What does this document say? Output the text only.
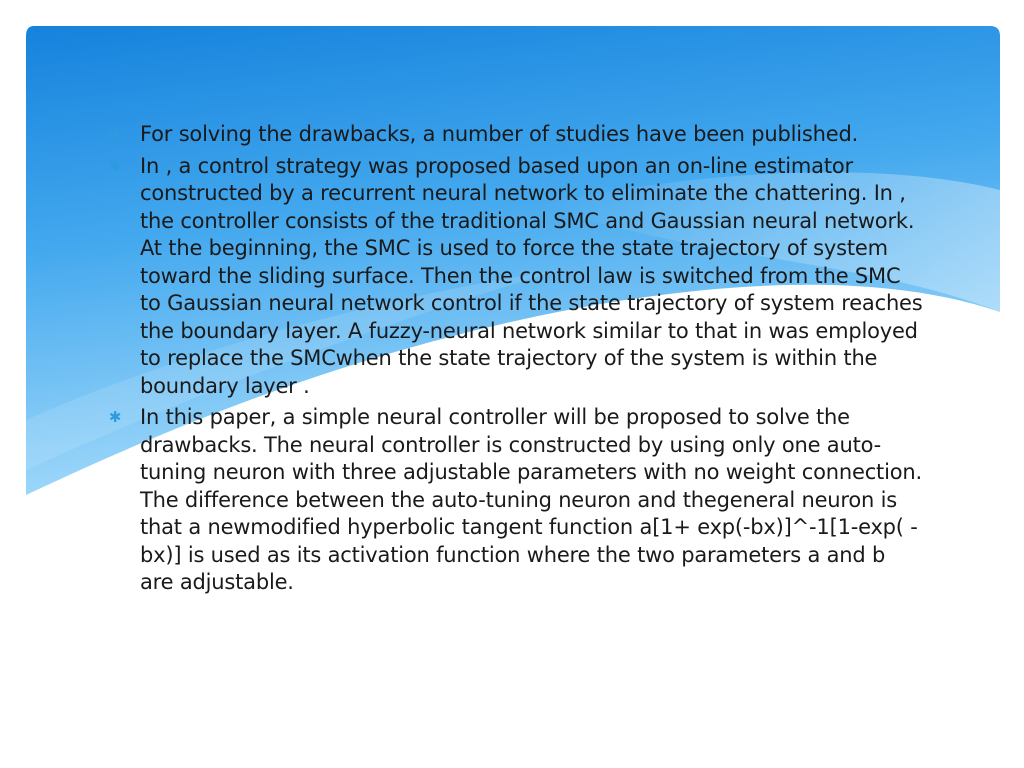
✱ For solving the drawbacks, a number of studies have been published.
✱ In , a control strategy was proposed based upon an on-line estimator constructed by a recurrent neural network to eliminate the chattering. In , the controller consists of the traditional SMC and Gaussian neural network. At the beginning, the SMC is used to force the state trajectory of system toward the sliding surface. Then the control law is switched from the SMC to Gaussian neural network control if the state trajectory of system reaches the boundary layer. A fuzzy-neural network similar to that in was employed to replace the SMCwhen the state trajectory of the system is within the boundary layer .
✱ In this paper, a simple neural controller will be proposed to solve the drawbacks. The neural controller is constructed by using only one auto-tuning neuron with three adjustable parameters with no weight connection. The difference between the auto-tuning neuron and thegeneral neuron is that a newmodified hyperbolic tangent function a[1+ exp(-bx)]^-1[1-exp( - bx)] is used as its activation function where the two parameters a and b are adjustable.
